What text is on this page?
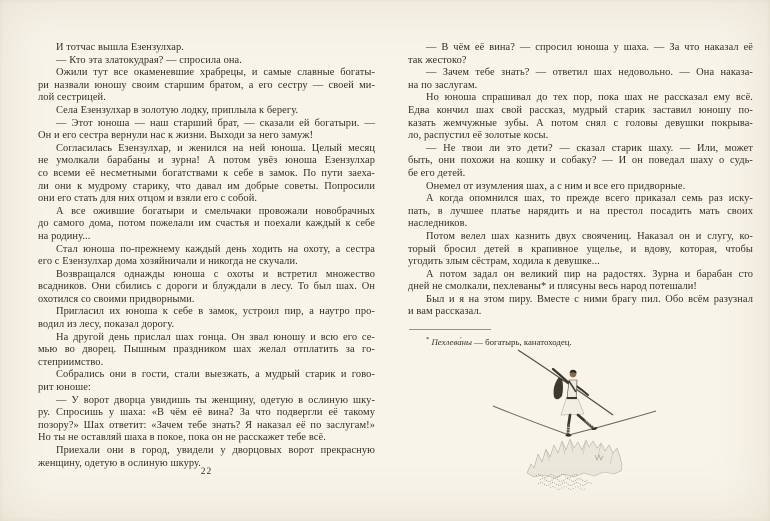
И тотчас вышла Езензулхар.
— Кто эта златокудрая? — спросила она.
Ожили тут все окаменевшие храбрецы, и самые славные богаты-
ри назвали юношу своим старшим братом, а его сестру — своей ми-
лой сестрицей.
Села Езензулхар в золотую лодку, приплыла к берегу.
— Этот юноша — наш старший брат, — сказали ей богатыри. —
Он и его сестра вернули нас к жизни. Выходи за него замуж!
Согласилась Езензулхар, и женился на ней юноша. Целый месяц
не умолкали барабаны и зурна! А потом увёз юноша Езензулхар
со всеми её несметными богатствами к себе в замок. По пути заеха-
ли они к мудрому старику, что давал им добрые советы. Попросили
они его стать для них отцом и взяли его с собой.
А все ожившие богатыри и смельчаки провожали новобрачных
до самого дома, потом пожелали им счастья и поехали каждый к себе
на родину...
Стал юноша по-прежнему каждый день ходить на охоту, а сестра
его с Езензулхар дома хозяйничали и никогда не скучали.
Возвращался однажды юноша с охоты и встретил множество
всадников. Они сбились с дороги и блуждали в лесу. То был шах. Он
охотился со своими придворными.
Пригласил их юноша к себе в замок, устроил пир, а наутро про-
водил из лесу, показал дорогу.
На другой день прислал шах гонца. Он звал юношу и всю его се-
мью во дворец. Пышным праздником шах желал отплатить за го-
степриимство.
Собрались они в гости, стали выезжать, а мудрый старик и гово-
рит юноше:
— У ворот дворца увидишь ты женщину, одетую в ослиную шку-
ру. Спросишь у шаха: «В чём её вина? За что подвергли её такому
позору?» Шах ответит: «Зачем тебе знать? Я наказал её по заслугам!»
Но ты не оставляй шаха в покое, пока он не расскажет тебе всё.
Приехали они в город, увидели у дворцовых ворот прекрасную
женщину, одетую в ослиную шкуру.
22
— В чём её вина? — спросил юноша у шаха. — За что наказал её
так жестоко?
— Зачем тебе знать? — ответил шах недовольно. — Она наказа-
на по заслугам.
Но юноша спрашивал до тех пор, пока шах не рассказал ему всё.
Едва кончил шах свой рассказ, мудрый старик заставил юношу по-
казать жемчужные зубы. А потом снял с головы девушки покрыва-
ло, распустил её золотые косы.
— Не твои ли это дети? — сказал старик шаху. — Или, может
быть, они похожи на кошку и собаку? — И он поведал шаху о судь-
бе его детей.
Онемел от изумления шах, а с ним и все его придворные.
А когда опомнился шах, то прежде всего приказал семь раз иску-
пать, в лучшее платье нарядить и на престол посадить мать своих
наследников.
Потом велел шах казнить двух своячениц. Наказал он и слугу, ко-
торый бросил детей в крапивное ущелье, и вдову, которая, чтобы
угодить злым сёстрам, ходила к девушке...
А потом задал он великий пир на радостях. Зурна и барабан сто
дней не смолкали, пехлеваны* и плясуны весь народ потешали!
Был и я на этом пиру. Вместе с ними брагу пил. Обо всём разузнал
и вам рассказал.
* Пехлева́ны — богатырь, канатоходец.
